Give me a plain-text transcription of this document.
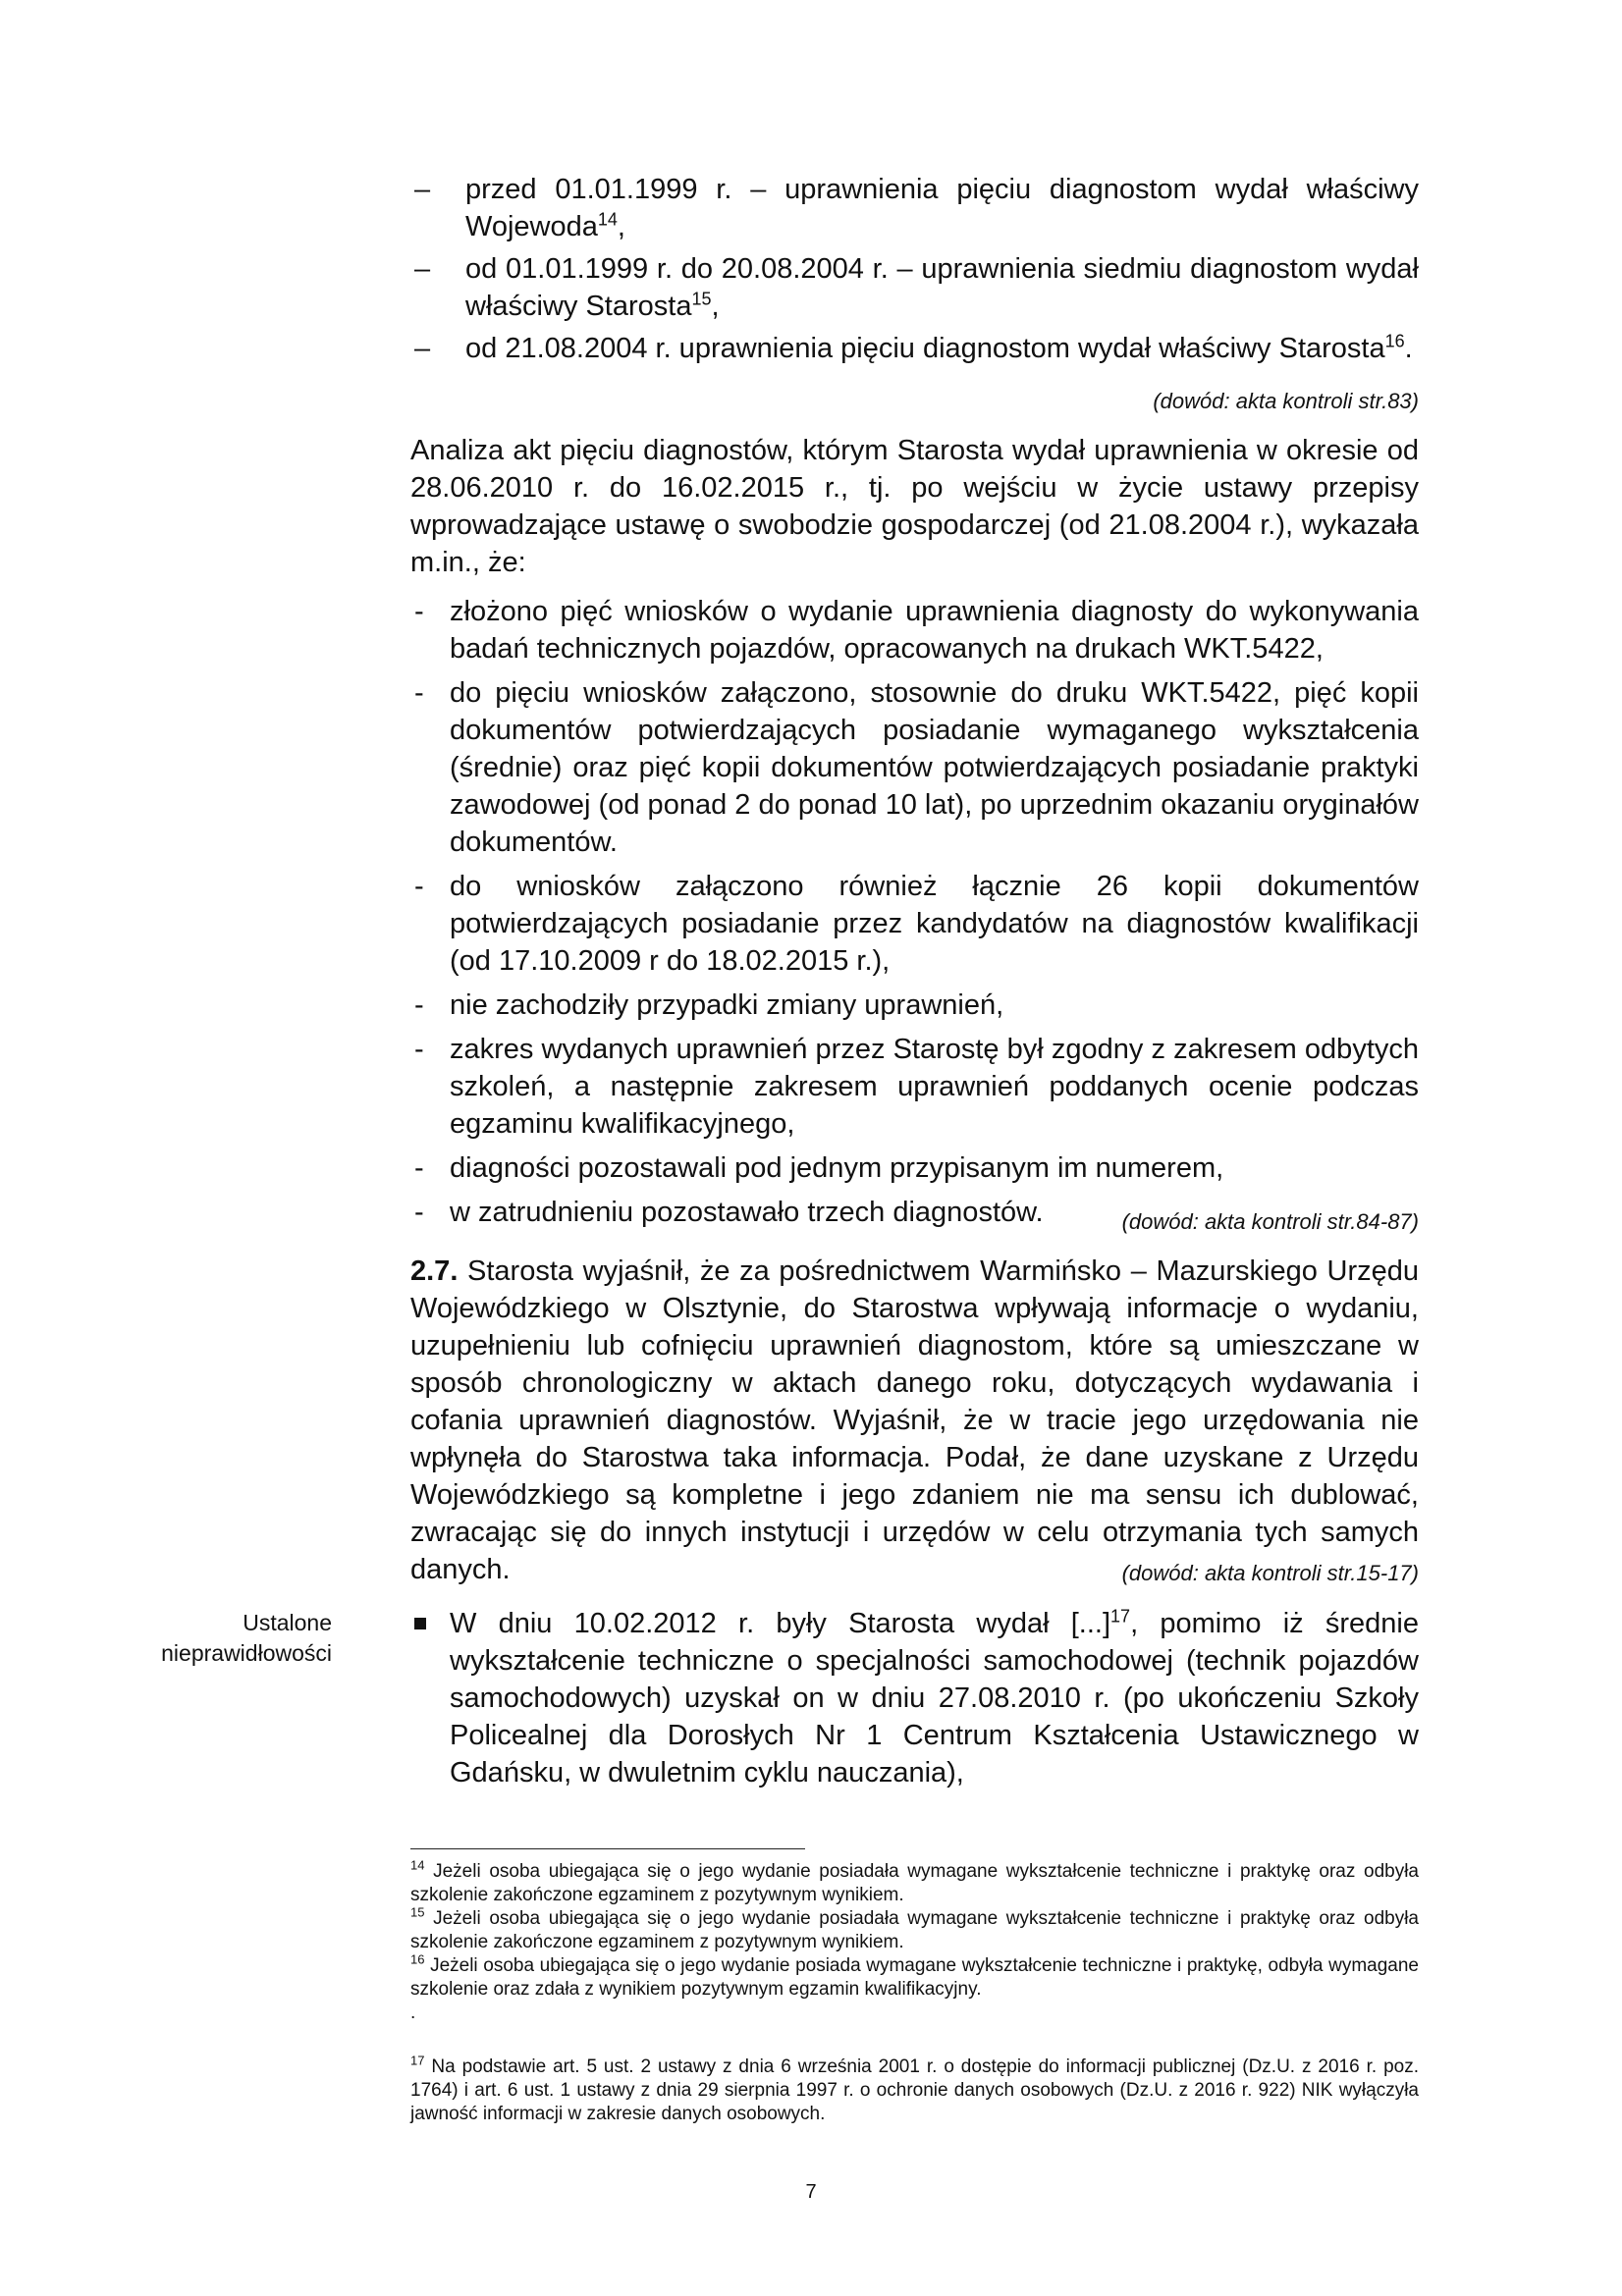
– przed 01.01.1999 r. – uprawnienia pięciu diagnostom wydał właściwy Wojewoda$^{14}$,

– od 01.01.1999 r. do 20.08.2004 r. – uprawnienia siedmiu diagnostom wydał właściwy Starosta$^{15}$,

– od 21.08.2004 r. uprawnienia pięciu diagnostom wydał właściwy Starosta$^{16}$.

(dowód: akta kontroli str.83)

Analiza akt pięciu diagnostów, którym Starosta wydał uprawnienia w okresie od 28.06.2010 r. do 16.02.2015 r., tj. po wejściu w życie ustawy przepisy wprowadzające ustawę o swobodzie gospodarczej (od 21.08.2004 r.), wykazała m.in., że:

- złożono pięć wniosków o wydanie uprawnienia diagnosty do wykonywania badań technicznych pojazdów, opracowanych na drukach WKT.5422,

- do pięciu wniosków załączono, stosownie do druku WKT.5422, pięć kopii dokumentów potwierdzających posiadanie wymaganego wykształcenia (średnie) oraz pięć kopii dokumentów potwierdzających posiadanie praktyki zawodowej (od ponad 2 do ponad 10 lat), po uprzednim okazaniu oryginałów dokumentów.

- do wniosków załączono również łącznie 26 kopii dokumentów potwierdzających posiadanie przez kandydatów na diagnostów kwalifikacji (od 17.10.2009 r do 18.02.2015 r.),

- nie zachodziły przypadki zmiany uprawnień,

- zakres wydanych uprawnień przez Starostę był zgodny z zakresem odbytych szkoleń, a następnie zakresem uprawnień poddanych ocenie podczas egzaminu kwalifikacyjnego,

- diagności pozostawali pod jednym przypisanym im numerem,

- w zatrudnieniu pozostawało trzech diagnostów.	(dowód: akta kontroli str.84-87)

2.7. Starosta wyjaśnił, że za pośrednictwem Warmińsko – Mazurskiego Urzędu Wojewódzkiego w Olsztynie, do Starostwa wpływają informacje o wydaniu, uzupełnieniu lub cofnięciu uprawnień diagnostom, które są umieszczane w sposób chronologiczny w aktach danego roku, dotyczących wydawania i cofania uprawnień diagnostów. Wyjaśnił, że w tracie jego urzędowania nie wpłynęła do Starostwa taka informacja. Podał, że dane uzyskane z Urzędu Wojewódzkiego są kompletne i jego zdaniem nie ma sensu ich dublować, zwracając się do innych instytucji i urzędów w celu otrzymania tych samych danych.	(dowód: akta kontroli str.15-17)

Ustalone
nieprawidłowości

W dniu 10.02.2012 r. były Starosta wydał [...]$^{17}$, pomimo iż średnie wykształcenie techniczne o specjalności samochodowej (technik pojazdów samochodowych) uzyskał on w dniu 27.08.2010 r. (po ukończeniu Szkoły Policealnej dla Dorosłych Nr 1 Centrum Kształcenia Ustawicznego w Gdańsku, w dwuletnim cyklu nauczania),

$^{14}$ Jeżeli osoba ubiegająca się o jego wydanie posiadała wymagane wykształcenie techniczne i praktykę oraz odbyła szkolenie zakończone egzaminem z pozytywnym wynikiem.

$^{15}$ Jeżeli osoba ubiegająca się o jego wydanie posiadała wymagane wykształcenie techniczne i praktykę oraz odbyła szkolenie zakończone egzaminem z pozytywnym wynikiem.

$^{16}$ Jeżeli osoba ubiegająca się o jego wydanie posiada wymagane wykształcenie techniczne i praktykę, odbyła wymagane szkolenie oraz zdała z wynikiem pozytywnym egzamin kwalifikacyjny.

.

$^{17}$ Na podstawie art. 5 ust. 2 ustawy z dnia 6 września 2001 r. o dostępie do informacji publicznej (Dz.U. z 2016 r. poz. 1764) i art. 6 ust. 1 ustawy z dnia 29 sierpnia 1997 r. o ochronie danych osobowych (Dz.U. z 2016 r. 922) NIK wyłączyła jawność informacji w zakresie danych osobowych.

7
